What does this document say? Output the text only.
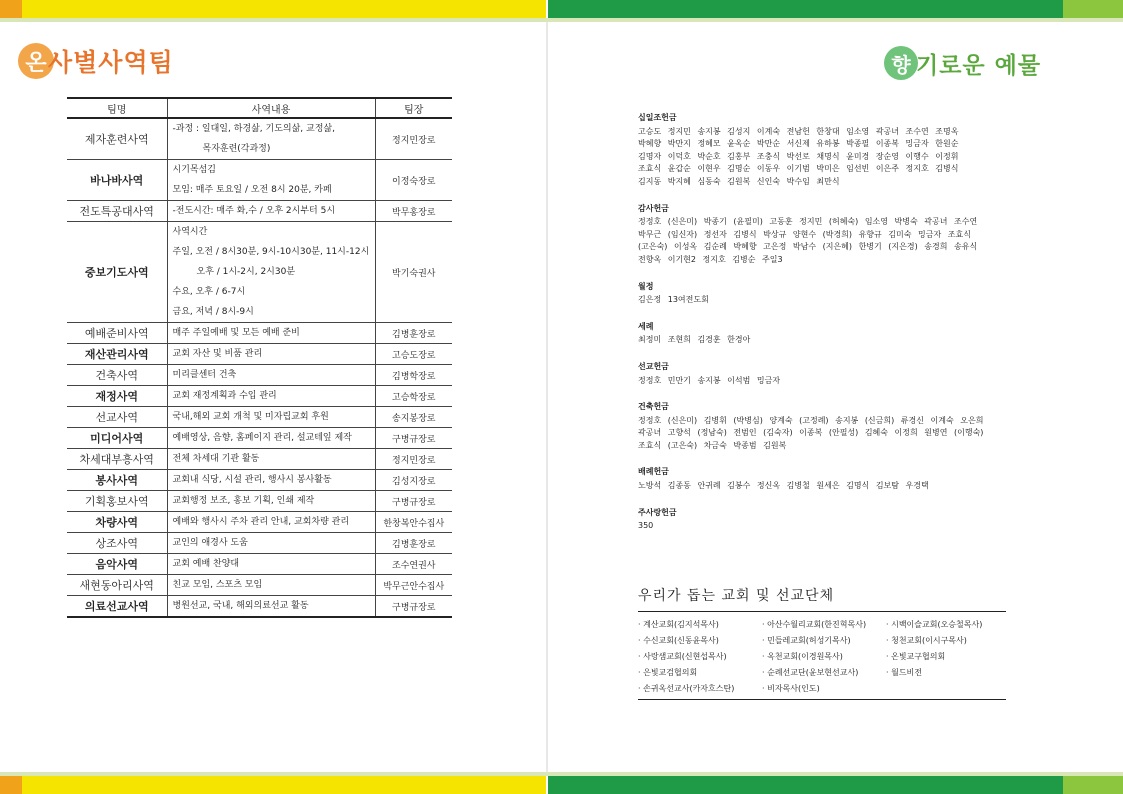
온 사별사역팀	향 기로운 예물
팀명	사역내용	팀장
제자훈련사역	-과정 : 일대일, 하경삶, 기도의삶, 교정삶,
목자훈련(각과정)	정지민장로
바나바사역	시기목섬김
모임: 매주 토요일 / 오전 8시 20분, 카페	이정숙장로
전도특공대사역	-전도시간: 매주 화,수 / 오후 2시부터 5시	박무홍장로
중보기도사역	사역시간
주일, 오전 / 8시30분, 9시-10시30분, 11시-12시
오후 / 1시-2시, 2시30분
수요, 오후 / 6-7시
금요, 저녁 / 8시-9시	박기숙권사
예배준비사역	매주 주일예배 및 모든 예배 준비	김병훈장로
재산관리사역	교회 자산 및 비품 관리	고승도장로
건축사역	미리클센터 건축	김병학장로
재정사역	교회 재정계획과 수입 관리	고승학장로
선교사역	국내,해외 교회 개척 및 미자립교회 후원	송지봉장로
미디어사역	예배영상, 음향, 홈페이지 관리, 설교테잎 제작	구병규장로
차세대부흥사역	전체 차세대 기관 활동	정지민장로
봉사사역	교회내 식당, 시설 관리, 행사시 봉사활동	김성지장로
기획홍보사역	교회행정 보조, 홍보 기획, 인쇄 제작	구병규장로
차량사역	예배와 행사시 주차 관리 안내, 교회차량 관리	한창복안수집사
상조사역	교인의 애경사 도움	김병훈장로
음악사역	교회 예배 찬양대	조수연권사
새현동아리사역	친교 모임, 스포츠 모임	박무근안수집사
의료선교사역	병원선교, 국내, 해외의료선교 활동	구병규장로
십일조헌금
고승도 정지민 송지봉 김성지 이계숙 전남헌 한창대 임소영 곽공녀 조수연 조명옥
박혜향 박만지 정혜모 윤옥순 박만순 서신제 유하봉 박종필 이종복 밍금자 한원순
김명자 이덕호 박순호 김홍부 조충식 박선로 채명식 윤미경 장순영 이행수 이정휘
조효식 윤갑순 이현우 김명순 이동우 이기범 박미은 임선빈 이은주 정지호 김병식
김지동 박지혜 심동숙 김원복 신인숙 박수임 최만식
감사헌금
정정호 (신은미) 박종기 (윤필미) 고동훈 정지민 (허혜숙) 임소영 박병숙 곽공녀 조수연
박무근 (임신자) 정선자 김병식 박상규 양현수 (박경희) 유향규 김미숙 밍금자 조효식
(고은숙) 이성옥 김순례 박혜향 고은정 박남수 (지은혜) 한병기 (지은경) 송경희 송유식
전향옥 이기현2 정지호 김병순 주일3
월정
김은정 13여전도회
세례
최정미 조현희 김경훈 한경아
선교헌금
정정호 민만기 송지봉 이석범 밍금자
건축헌금
정정호 (신은미) 김병휘 (박병심) 양계숙 (고정례) 송지봉 (신금희) 류경신 이계숙 오은희
곽공녀 고향석 (정남숙) 전범인 (김숙자) 이종복 (안필성) 김혜숙 이정희 원병연 (이행숙)
조효식 (고은숙) 차금숙 박종범 김원복
배례헌금
노방석 김종동 안귀례 김봉수 정신옥 김병철 원세은 김명식 김보탐 우경택
주사랑헌금
350
우리가 돕는 교회 및 선교단체
· 계산교회(김지석목사)	· 아산수월리교회(한진혁목사)	· 시백이슬교회(오승철목사)
· 수신교회(신동윤목사)	· 민들레교회(허성기목사)	· 청천교회(이시구목사)
· 사랑샘교회(신현섭목사)	· 옥천교회(이경원목사)	· 온빛교구협의회
· 은빛교검협의회	· 순례선교단(윤보현선교사)	· 월드비전
· 손귀옥선교사(카자흐스탄)	· 비자목사(인도)
